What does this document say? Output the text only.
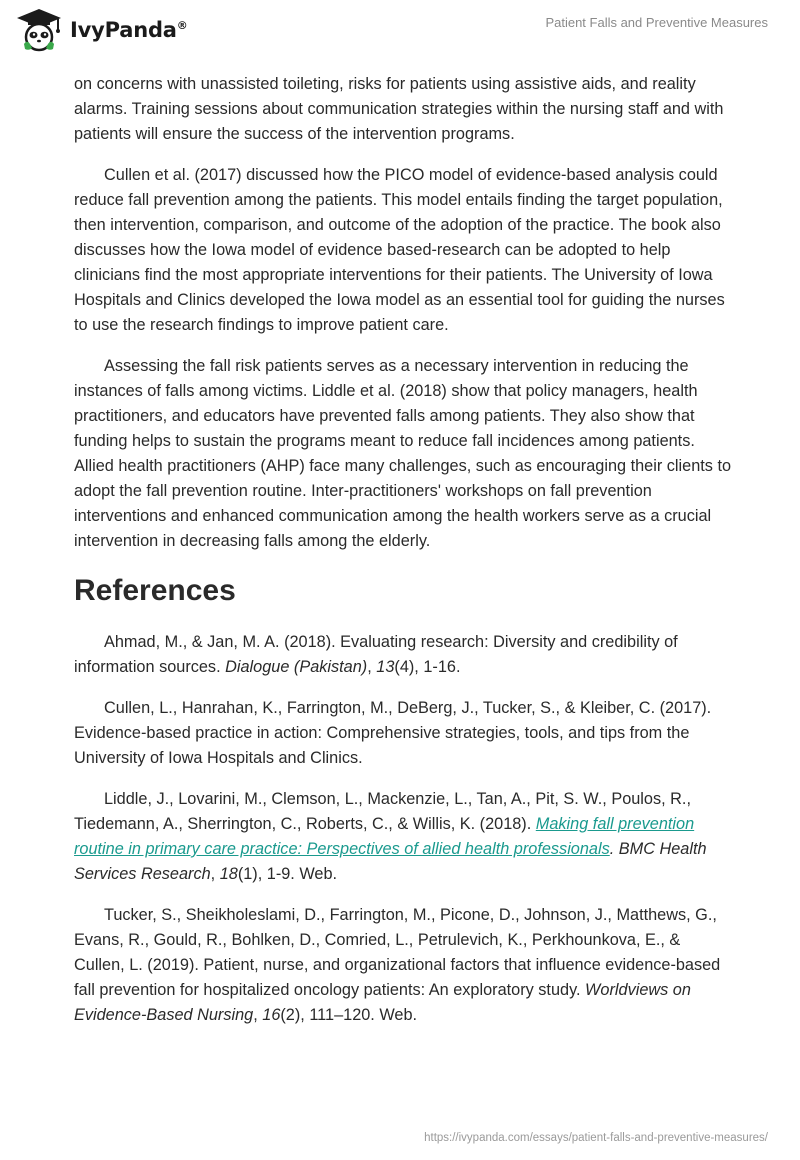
IvyPanda®	Patient Falls and Preventive Measures

on concerns with unassisted toileting, risks for patients using assistive aids, and reality alarms. Training sessions about communication strategies within the nursing staff and with patients will ensure the success of the intervention programs.

Cullen et al. (2017) discussed how the PICO model of evidence-based analysis could reduce fall prevention among the patients. This model entails finding the target population, then intervention, comparison, and outcome of the adoption of the practice. The book also discusses how the Iowa model of evidence based-research can be adopted to help clinicians find the most appropriate interventions for their patients. The University of Iowa Hospitals and Clinics developed the Iowa model as an essential tool for guiding the nurses to use the research findings to improve patient care.

Assessing the fall risk patients serves as a necessary intervention in reducing the instances of falls among victims. Liddle et al. (2018) show that policy managers, health practitioners, and educators have prevented falls among patients. They also show that funding helps to sustain the programs meant to reduce fall incidences among patients. Allied health practitioners (AHP) face many challenges, such as encouraging their clients to adopt the fall prevention routine. Inter-practitioners' workshops on fall prevention interventions and enhanced communication among the health workers serve as a crucial intervention in decreasing falls among the elderly.

References

Ahmad, M., & Jan, M. A. (2018). Evaluating research: Diversity and credibility of information sources. Dialogue (Pakistan), 13(4), 1-16.

Cullen, L., Hanrahan, K., Farrington, M., DeBerg, J., Tucker, S., & Kleiber, C. (2017). Evidence-based practice in action: Comprehensive strategies, tools, and tips from the University of Iowa Hospitals and Clinics.

Liddle, J., Lovarini, M., Clemson, L., Mackenzie, L., Tan, A., Pit, S. W., Poulos, R., Tiedemann, A., Sherrington, C., Roberts, C., & Willis, K. (2018). Making fall prevention routine in primary care practice: Perspectives of allied health professionals. BMC Health Services Research, 18(1), 1-9. Web.

Tucker, S., Sheikholeslami, D., Farrington, M., Picone, D., Johnson, J., Matthews, G., Evans, R., Gould, R., Bohlken, D., Comried, L., Petrulevich, K., Perkhounkova, E., & Cullen, L. (2019). Patient, nurse, and organizational factors that influence evidence-based fall prevention for hospitalized oncology patients: An exploratory study. Worldviews on Evidence-Based Nursing, 16(2), 111–120. Web.

https://ivypanda.com/essays/patient-falls-and-preventive-measures/
